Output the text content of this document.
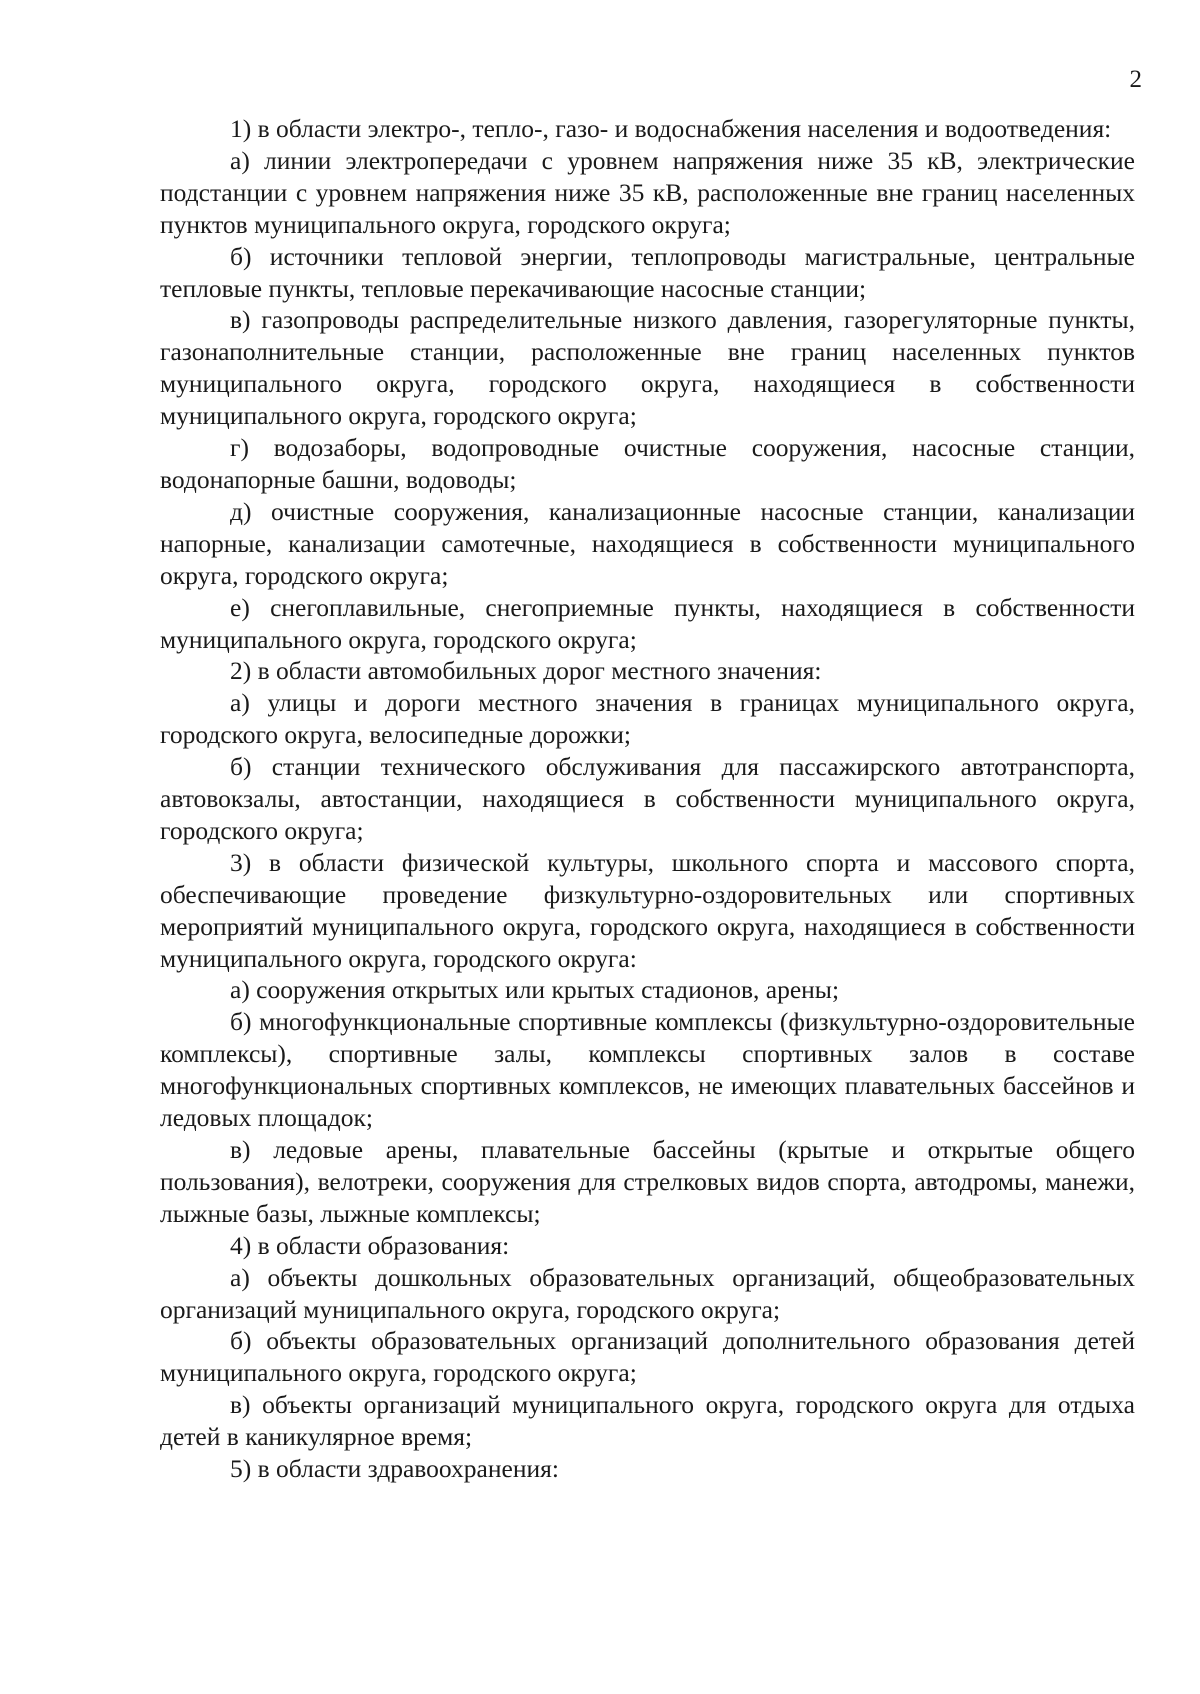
2

1) в области электро-, тепло-, газо- и водоснабжения населения и водоотведения:

а) линии электропередачи с уровнем напряжения ниже 35 кВ, электрические подстанции с уровнем напряжения ниже 35 кВ, расположенные вне границ населенных пунктов муниципального округа, городского округа;

б) источники тепловой энергии, теплопроводы магистральные, центральные тепловые пункты, тепловые перекачивающие насосные станции;

в) газопроводы распределительные низкого давления, газорегуляторные пункты, газонаполнительные станции, расположенные вне границ населенных пунктов муниципального округа, городского округа, находящиеся в собственности муниципального округа, городского округа;

г) водозаборы, водопроводные очистные сооружения, насосные станции, водонапорные башни, водоводы;

д) очистные сооружения, канализационные насосные станции, канализации напорные, канализации самотечные, находящиеся в собственности муниципального округа, городского округа;

е) снегоплавильные, снегоприемные пункты, находящиеся в собственности муниципального округа, городского округа;

2) в области автомобильных дорог местного значения:

а) улицы и дороги местного значения в границах муниципального округа, городского округа, велосипедные дорожки;

б) станции технического обслуживания для пассажирского автотранспорта, автовокзалы, автостанции, находящиеся в собственности муниципального округа, городского округа;

3) в области физической культуры, школьного спорта и массового спорта, обеспечивающие проведение физкультурно-оздоровительных или спортивных мероприятий муниципального округа, городского округа, находящиеся в собственности муниципального округа, городского округа:

а) сооружения открытых или крытых стадионов, арены;

б) многофункциональные спортивные комплексы (физкультурно-оздоровительные комплексы), спортивные залы, комплексы спортивных залов в составе многофункциональных спортивных комплексов, не имеющих плавательных бассейнов и ледовых площадок;

в) ледовые арены, плавательные бассейны (крытые и открытые общего пользования), велотреки, сооружения для стрелковых видов спорта, автодромы, манежи, лыжные базы, лыжные комплексы;

4) в области образования:

а) объекты дошкольных образовательных организаций, общеобразовательных организаций муниципального округа, городского округа;

б) объекты образовательных организаций дополнительного образования детей муниципального округа, городского округа;

в) объекты организаций муниципального округа, городского округа для отдыха детей в каникулярное время;

5) в области здравоохранения:
